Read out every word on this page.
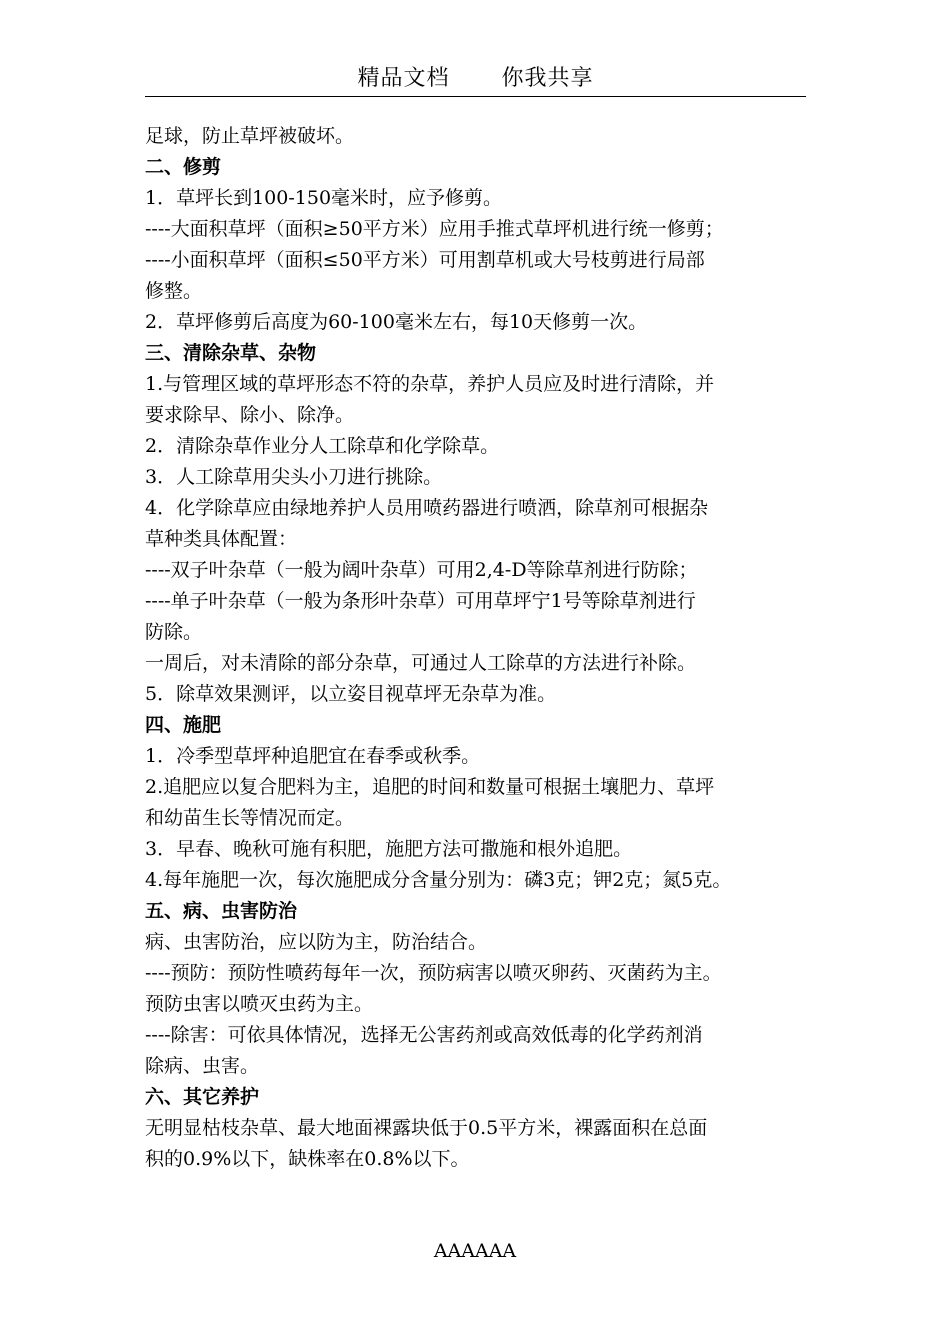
精品文档 你我共享
足球，防止草坪被破坏。
二、修剪
1．草坪长到100-150毫米时，应予修剪。
----大面积草坪（面积≥50平方米）应用手推式草坪机进行统一修剪；
----小面积草坪（面积≤50平方米）可用割草机或大号枝剪进行局部
修整。
2．草坪修剪后高度为60-100毫米左右，每10天修剪一次。
三、清除杂草、杂物
1.与管理区域的草坪形态不符的杂草，养护人员应及时进行清除，并
要求除早、除小、除净。
2．清除杂草作业分人工除草和化学除草。
3．人工除草用尖头小刀进行挑除。
4．化学除草应由绿地养护人员用喷药器进行喷洒，除草剂可根据杂
草种类具体配置：
----双子叶杂草（一般为阔叶杂草）可用2,4-D等除草剂进行防除；
----单子叶杂草（一般为条形叶杂草）可用草坪宁1号等除草剂进行
防除。
一周后，对未清除的部分杂草，可通过人工除草的方法进行补除。
5．除草效果测评，以立姿目视草坪无杂草为准。
四、施肥
1．冷季型草坪种追肥宜在春季或秋季。
2.追肥应以复合肥料为主，追肥的时间和数量可根据土壤肥力、草坪
和幼苗生长等情况而定。
3．早春、晚秋可施有积肥，施肥方法可撒施和根外追肥。
4.每年施肥一次，每次施肥成分含量分别为：磷3克；钾2克；氮5克。
五、病、虫害防治
病、虫害防治，应以防为主，防治结合。
----预防：预防性喷药每年一次，预防病害以喷灭卵药、灭菌药为主。
预防虫害以喷灭虫药为主。
----除害：可依具体情况，选择无公害药剂或高效低毒的化学药剂消
除病、虫害。
六、其它养护
无明显枯枝杂草、最大地面裸露块低于0.5平方米，裸露面积在总面
积的0.9%以下，缺株率在0.8%以下。
AAAAAA
